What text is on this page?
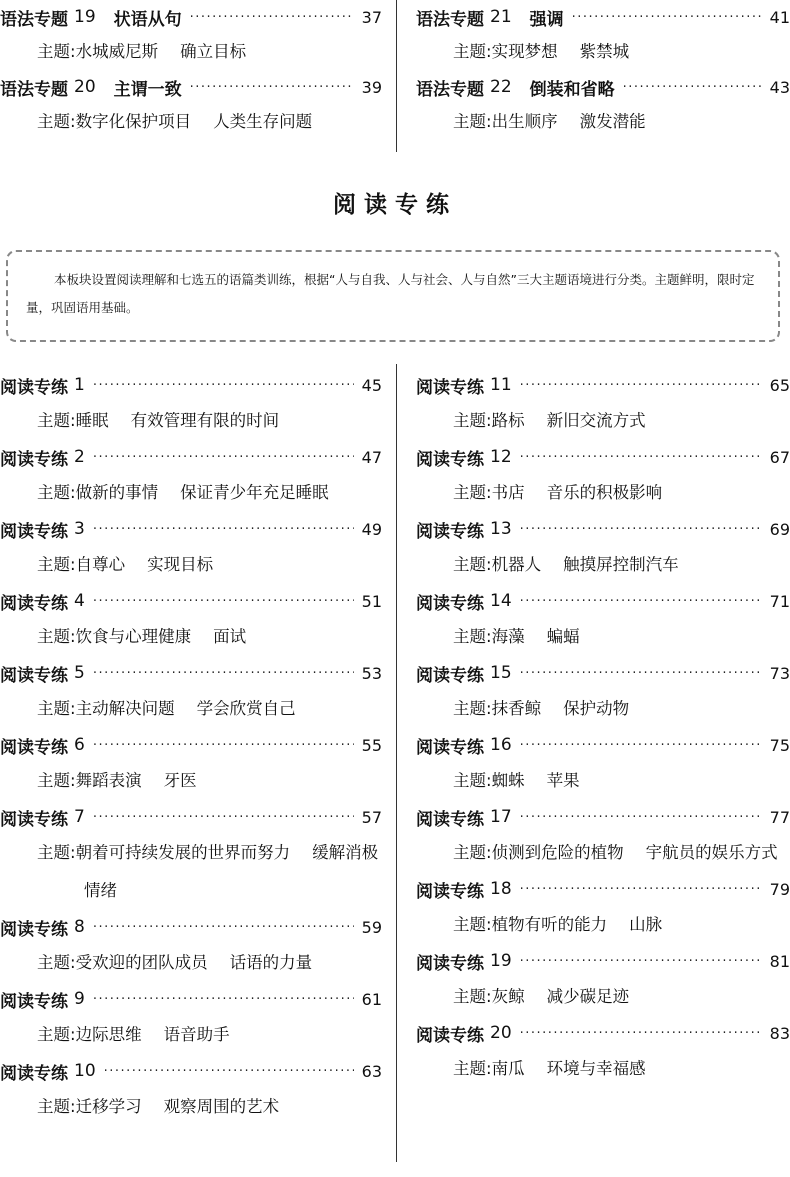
语法专题 19 状语从句 ·····	37
主题:水城威尼斯 确立目标
语法专题 20 主谓一致 ·····	39
主题:数字化保护项目 人类生存问题
语法专题 21 强调 ·····	41
主题:实现梦想 紫禁城
语法专题 22 倒装和省略 ·····	43
主题:出生顺序 激发潜能
阅读专练
本板块设置阅读理解和七选五的语篇类训练，根据“人与自我、人与社会、人与自然”三大主题语境进行分类。主题鲜明，限时定量，巩固语用基础。
阅读专练 1 ·····	45
主题:睡眠 有效管理有限的时间
阅读专练 2 ·····	47
主题:做新的事情 保证青少年充足睡眠
阅读专练 3 ·····	49
主题:自尊心 实现目标
阅读专练 4 ·····	51
主题:饮食与心理健康 面试
阅读专练 5 ·····	53
主题:主动解决问题 学会欣赏自己
阅读专练 6 ·····	55
主题:舞蹈表演 牙医
阅读专练 7 ·····	57
主题:朝着可持续发展的世界而努力 缓解消极情绪
阅读专练 8 ·····	59
主题:受欢迎的团队成员 话语的力量
阅读专练 9 ·····	61
主题:边际思维 语音助手
阅读专练 10 ·····	63
主题:迁移学习 观察周围的艺术
阅读专练 11 ·····	65
主题:路标 新旧交流方式
阅读专练 12 ·····	67
主题:书店 音乐的积极影响
阅读专练 13 ·····	69
主题:机器人 触摸屏控制汽车
阅读专练 14 ·····	71
主题:海藻 蝙蝠
阅读专练 15 ·····	73
主题:抹香鲸 保护动物
阅读专练 16 ·····	75
主题:蜘蛛 苹果
阅读专练 17 ·····	77
主题:侦测到危险的植物 宇航员的娱乐方式
阅读专练 18 ·····	79
主题:植物有听的能力 山脉
阅读专练 19 ·····	81
主题:灰鲸 减少碳足迹
阅读专练 20 ·····	83
主题:南瓜 环境与幸福感
